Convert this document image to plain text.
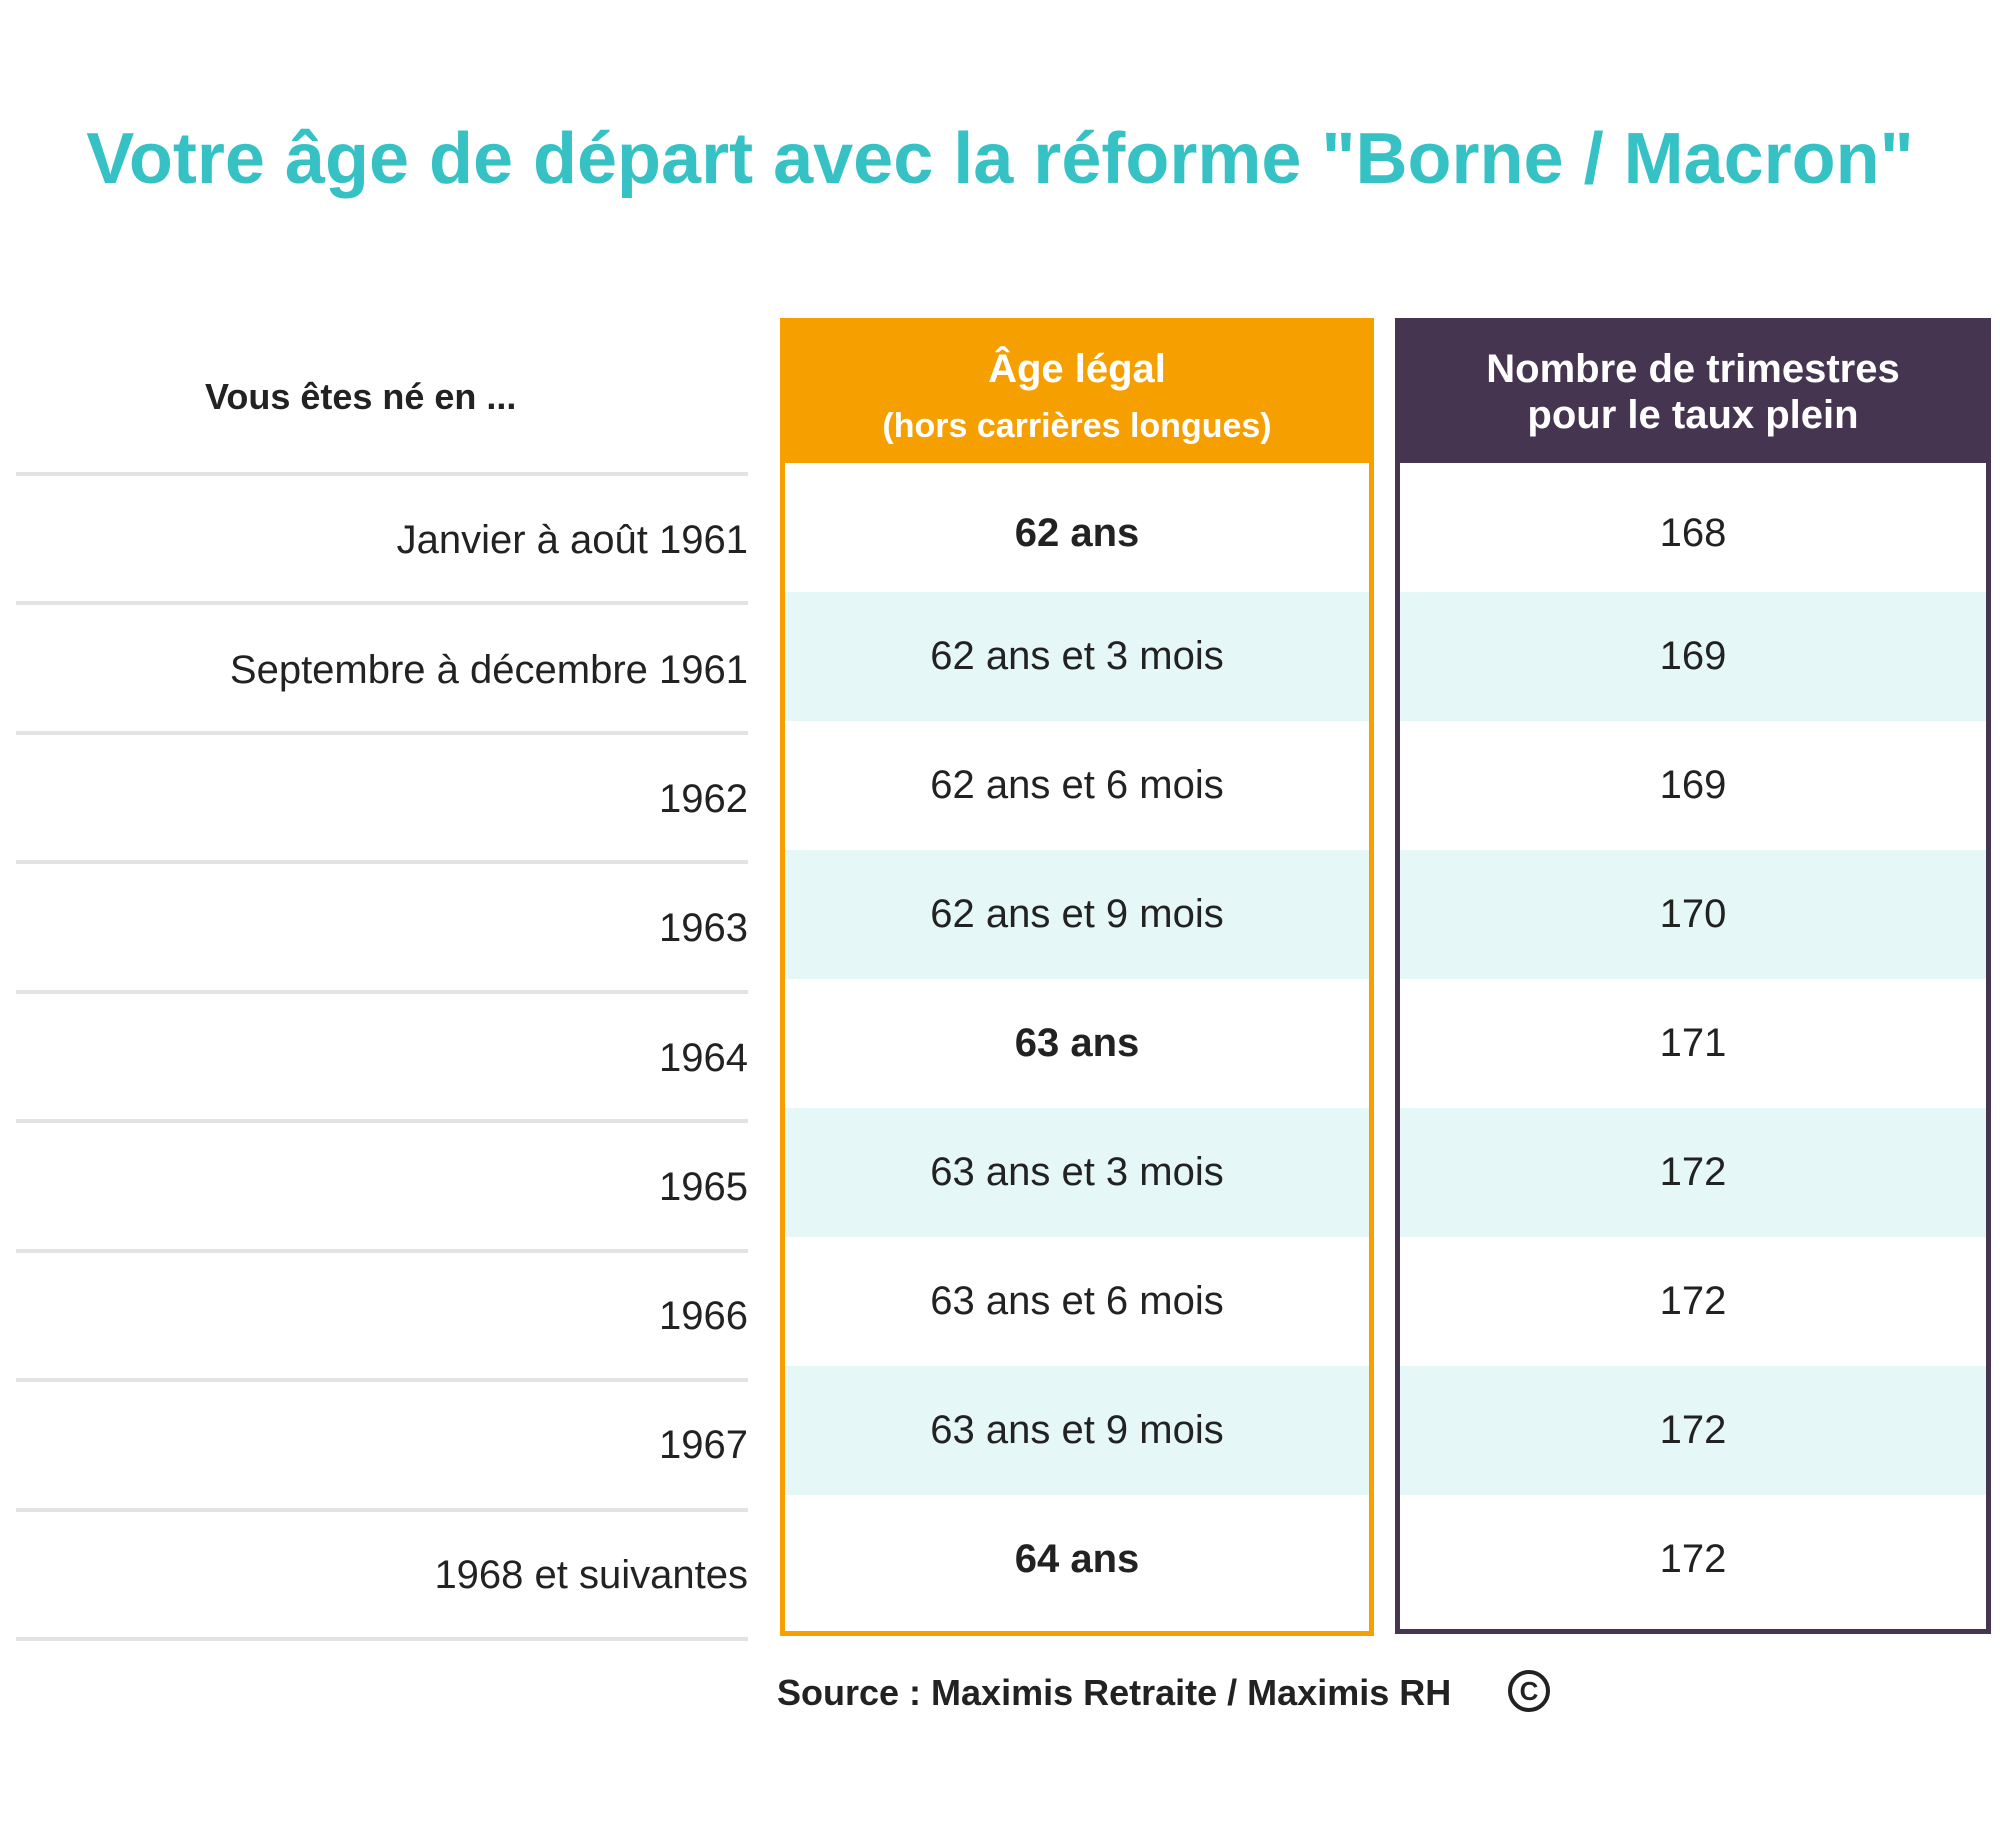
Votre âge de départ avec la réforme "Borne / Macron"
Vous êtes né en ...
Janvier à août 1961
Septembre à décembre 1961
1962
1963
1964
1965
1966
1967
1968 et suivantes
Âge légal
(hors carrières longues)
62 ans
62 ans et 3 mois
62 ans et 6 mois
62 ans et 9 mois
63 ans
63 ans et 3 mois
63 ans et 6 mois
63 ans et 9 mois
64 ans
Nombre de trimestres
pour le taux plein
168
169
169
170
171
172
172
172
172
Source : Maximis Retraite / Maximis RH	C
